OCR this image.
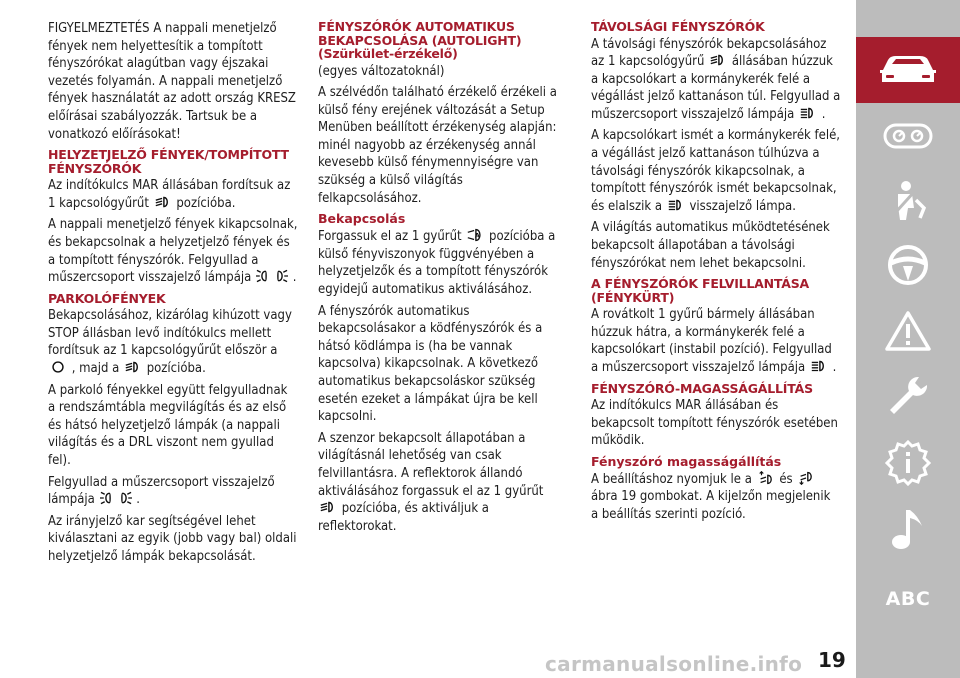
FIGYELMEZTETÉS A nappali menetjelző fények nem helyettesítik a tompított fényszórókat alagútban vagy éjszakai vezetés folyamán. A nappali menetjelző fények használatát az adott ország KRESZ előírásai szabályozzák. Tartsuk be a vonatkozó előírásokat!

HELYZETJELZŐ FÉNYEK/TOMPÍTOTT FÉNYSZÓRÓK

Az indítókulcs MAR állásában fordítsuk az 1 kapcsológyűrűt pozícióba.

A nappali menetjelző fények kikapcsolnak, és bekapcsolnak a helyzetjelző fények és a tompított fényszórók. Felgyullad a műszercsoport visszajelző lámpája	.

PARKOLÓFÉNYEK

Bekapcsolásához, kizárólag kihúzott vagy STOP állásban levő indítókulcs mellett fordítsuk az 1 kapcsológyűrűt először a
, majd a pozícióba.

A parkoló fényekkel együtt felgyulladnak a rendszámtábla megvilágítás és az első és hátsó helyzetjelző lámpák (a nappali világítás és a DRL viszont nem gyullad fel).

Felgyullad a műszercsoport visszajelző lámpája	.

Az irányjelző kar segítségével lehet kiválasztani az egyik (jobb vagy bal) oldali helyzetjelző lámpák bekapcsolását.

FÉNYSZÓRÓK AUTOMATIKUS BEKAPCSOLÁSA (AUTOLIGHT) (Szürkület-érzékelő)

(egyes változatoknál)

A szélvédőn található érzékelő érzékeli a külső fény erejének változását a Setup Menüben beállított érzékenység alapján: minél nagyobb az érzékenység annál kevesebb külső fénymennyiségre van szükség a külső világítás felkapcsolásához.

Bekapcsolás

Forgassuk el az 1 gyűrűt A pozícióba a külső fényviszonyok függvényében a helyzetjelzők és a tompított fényszórók egyidejű automatikus aktiválásához.

A fényszórók automatikus bekapcsolásakor a ködfényszórók és a hátsó ködlámpa is (ha be vannak kapcsolva) kikapcsolnak. A következő automatikus bekapcsoláskor szükség esetén ezeket a lámpákat újra be kell kapcsolni.

A szenzor bekapcsolt állapotában a világításnál lehetőség van csak felvillantásra. A reflektorok állandó aktiválásához forgassuk el az 1 gyűrűt
pozícióba, és aktiváljuk a reflektorokat.

TÁVOLSÁGI FÉNYSZÓRÓK

A távolsági fényszórók bekapcsolásához az 1 kapcsológyűrű állásában húzzuk a kapcsolókart a kormánykerék felé a végállást jelző kattanáson túl. Felgyullad a műszercsoport visszajelző lámpája .

A kapcsolókart ismét a kormánykerék felé, a végállást jelző kattanáson túlhúzva a távolsági fényszórók kikapcsolnak, a tompított fényszórók ismét bekapcsolnak, és elalszik a visszajelző lámpa.

A világítás automatikus működtetésének bekapcsolt állapotában a távolsági fényszórókat nem lehet bekapcsolni.

A FÉNYSZÓRÓK FELVILLANTÁSA (FÉNYKÜRT)

A rovátkolt 1 gyűrű bármely állásában húzzuk hátra, a kormánykerék felé a kapcsolókart (instabil pozíció). Felgyullad a műszercsoport visszajelző lámpája .

FÉNYSZÓRÓ-MAGASSÁGÁLLÍTÁS

Az indítókulcs MAR állásában és bekapcsolt tompított fényszórók esetében működik.

Fényszóró magasságállítás

A beállításhoz nyomjuk le a és
ábra 19 gombokat. A kijelzőn megjelenik a beállítás szerinti pozíció.

ABC
carmanualsonline.info 19
